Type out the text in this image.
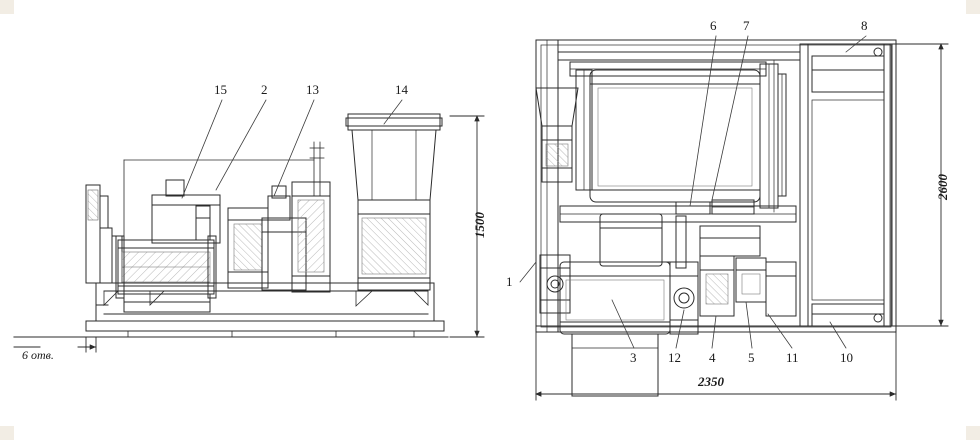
15	2	13	14
1500
6 отв.
6 7	8
1
3 12 4	5 11	10
2600
2350
